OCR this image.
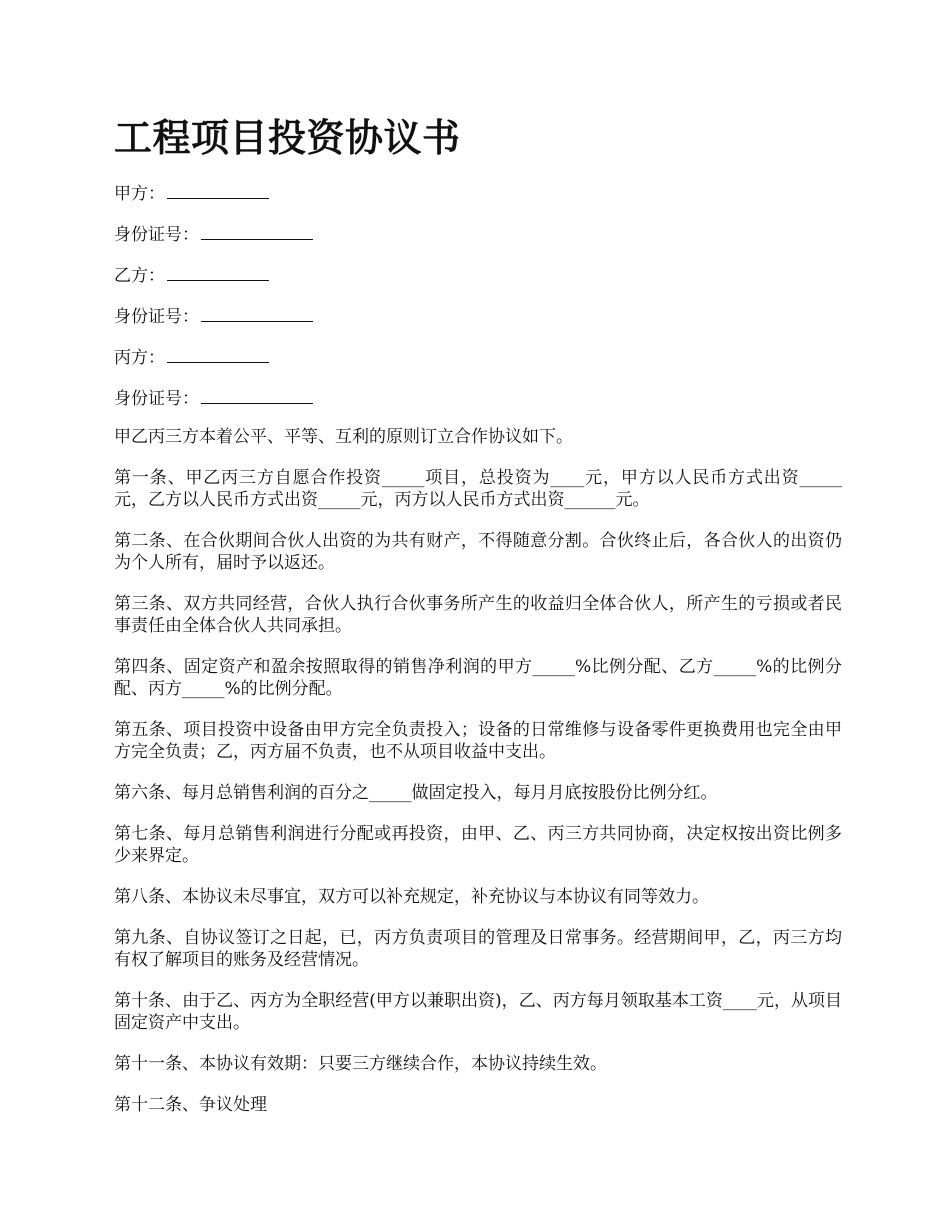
工程项目投资协议书
甲方：
身份证号：
乙方：
身份证号：
丙方：
身份证号：

甲乙丙三方本着公平、平等、互利的原则订立合作协议如下。

第一条、甲乙丙三方自愿合作投资_____项目，总投资为____元，甲方以人民币方式出资_____元，乙方以人民币方式出资_____元，丙方以人民币方式出资______元。

第二条、在合伙期间合伙人出资的为共有财产，不得随意分割。合伙终止后，各合伙人的出资仍为个人所有，届时予以返还。

第三条、双方共同经营，合伙人执行合伙事务所产生的收益归全体合伙人，所产生的亏损或者民事责任由全体合伙人共同承担。

第四条、固定资产和盈余按照取得的销售净利润的甲方_____%比例分配、乙方_____%的比例分配、丙方_____%的比例分配。

第五条、项目投资中设备由甲方完全负责投入；设备的日常维修与设备零件更换费用也完全由甲方完全负责；乙，丙方届不负责，也不从项目收益中支出。

第六条、每月总销售利润的百分之_____做固定投入，每月月底按股份比例分红。

第七条、每月总销售利润进行分配或再投资，由甲、乙、丙三方共同协商，决定权按出资比例多少来界定。

第八条、本协议未尽事宜，双方可以补充规定，补充协议与本协议有同等效力。

第九条、自协议签订之日起，已，丙方负责项目的管理及日常事务。经营期间甲，乙，丙三方均有权了解项目的账务及经营情况。

第十条、由于乙、丙方为全职经营(甲方以兼职出资)，乙、丙方每月领取基本工资____元，从项目固定资产中支出。

第十一条、本协议有效期：只要三方继续合作，本协议持续生效。

第十二条、争议处理
